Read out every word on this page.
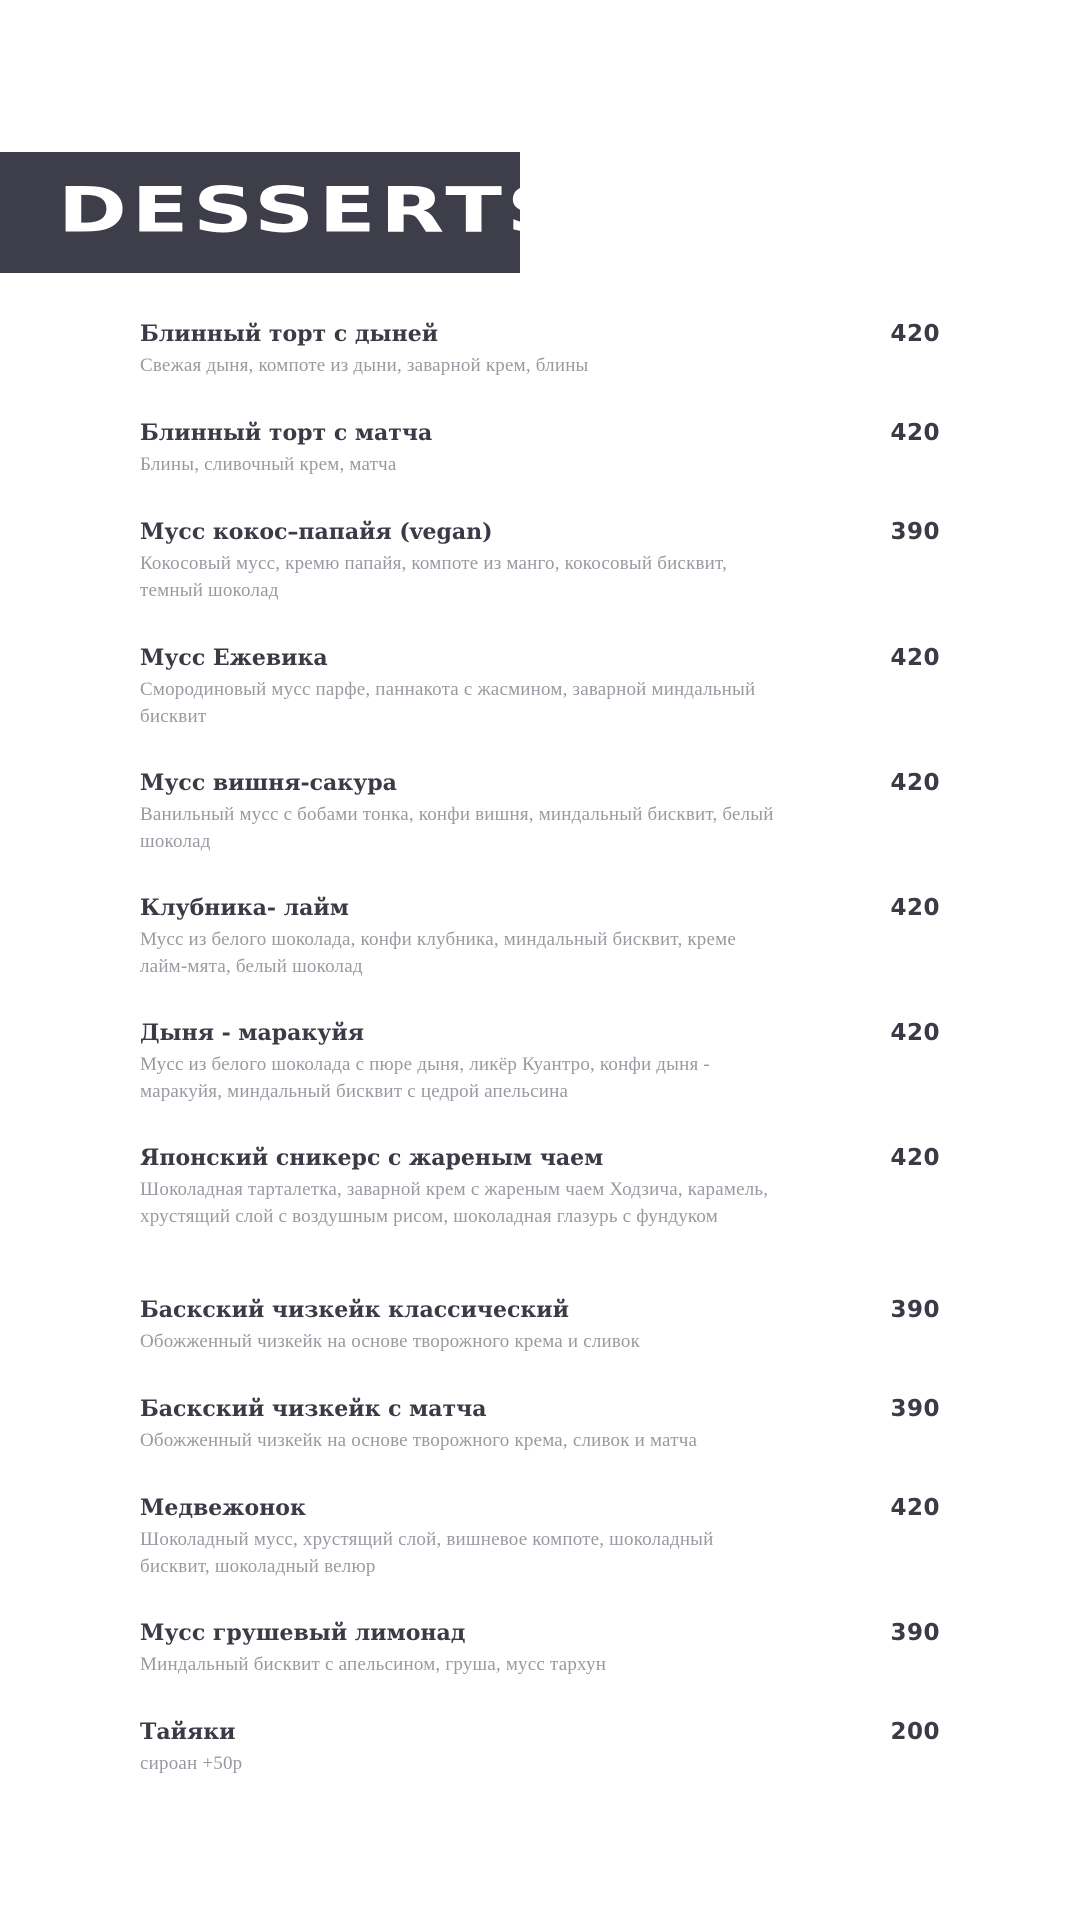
DESSERTS
Блинный торт с дыней	420
Свежая дыня, компоте из дыни, заварной крем, блины
Блинный торт с матча	420
Блины, сливочный крем, матча
Мусс кокос–папайя (vegan)	390
Кокосовый мусс, кремю папайя, компоте из манго, кокосовый бисквит, темный шоколад
Мусс Ежевика	420
Смородиновый мусс парфе, паннакота с жасмином, заварной миндальный бисквит
Мусс вишня-сакура	420
Ванильный мусс с бобами тонка, конфи вишня, миндальный бисквит, белый шоколад
Клубника- лайм	420
Мусс из белого шоколада, конфи клубника, миндальный бисквит, креме лайм-мята, белый шоколад
Дыня - маракуйя	420
Мусс из белого шоколада с пюре дыня, ликёр Куантро, конфи дыня - маракуйя, миндальный бисквит с цедрой апельсина
Японский сникерс с жареным чаем	420
Шоколадная тарталетка, заварной крем с жареным чаем Ходзича, карамель, хрустящий слой с воздушным рисом, шоколадная глазурь с фундуком
Баскский чизкейк классический	390
Обожженный чизкейк на основе творожного крема и сливок
Баскский чизкейк с матча	390
Обожженный чизкейк на основе творожного крема, сливок и матча
Медвежонок	420
Шоколадный мусс, хрустящий слой, вишневое компоте, шоколадный бисквит, шоколадный велюр
Мусс грушевый лимонад	390
Миндальный бисквит с апельсином, груша, мусс тархун
Тайяки	200
сироан +50р
